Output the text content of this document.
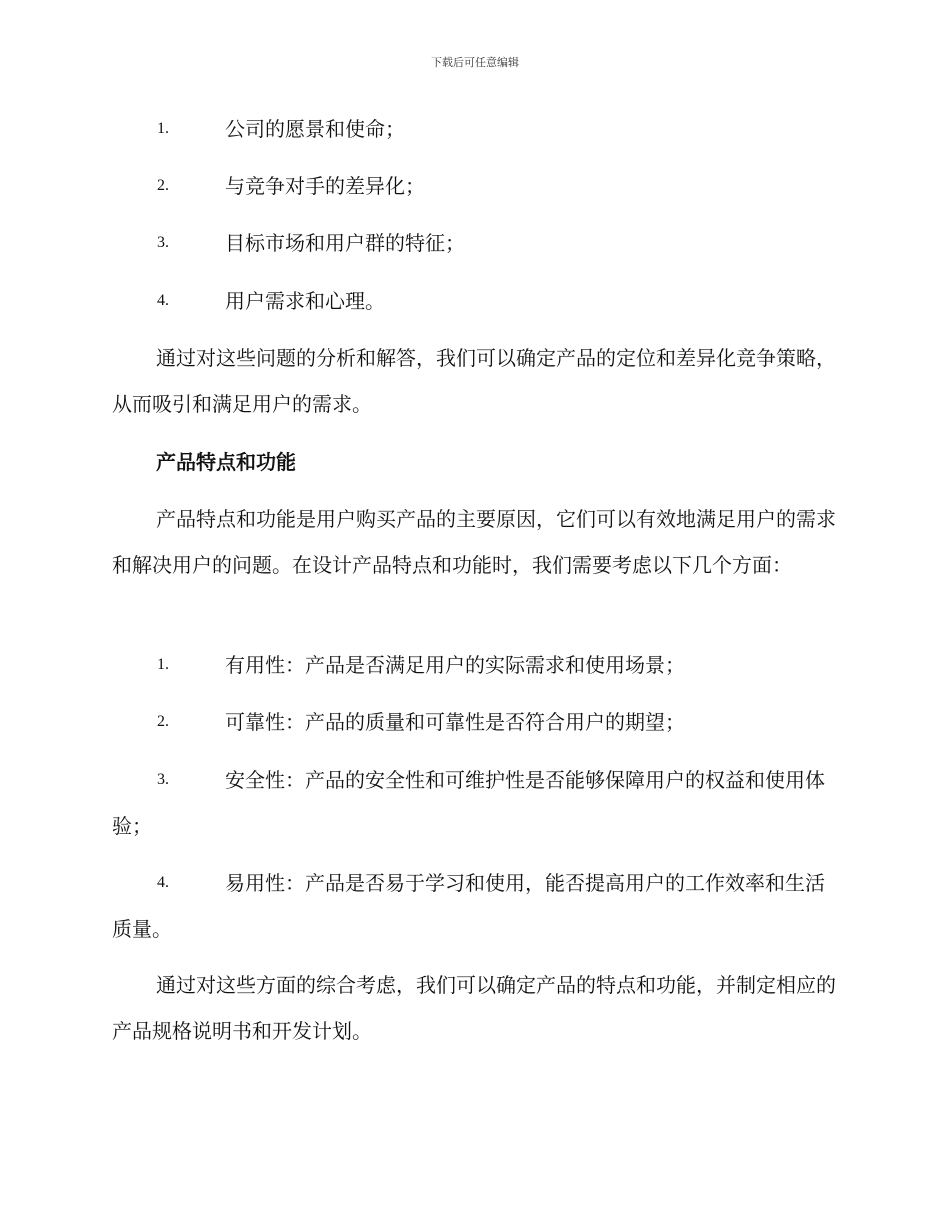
下载后可任意编辑
1.	公司的愿景和使命；
2.	与竞争对手的差异化；
3.	目标市场和用户群的特征；
4.	用户需求和心理。
通过对这些问题的分析和解答，我们可以确定产品的定位和差异化竞争策略，从而吸引和满足用户的需求。
产品特点和功能
产品特点和功能是用户购买产品的主要原因，它们可以有效地满足用户的需求和解决用户的问题。在设计产品特点和功能时，我们需要考虑以下几个方面：
1.	有用性：产品是否满足用户的实际需求和使用场景；
2.	可靠性：产品的质量和可靠性是否符合用户的期望；
3.	安全性：产品的安全性和可维护性是否能够保障用户的权益和使用体验；
4.	易用性：产品是否易于学习和使用，能否提高用户的工作效率和生活质量。
通过对这些方面的综合考虑，我们可以确定产品的特点和功能，并制定相应的产品规格说明书和开发计划。
